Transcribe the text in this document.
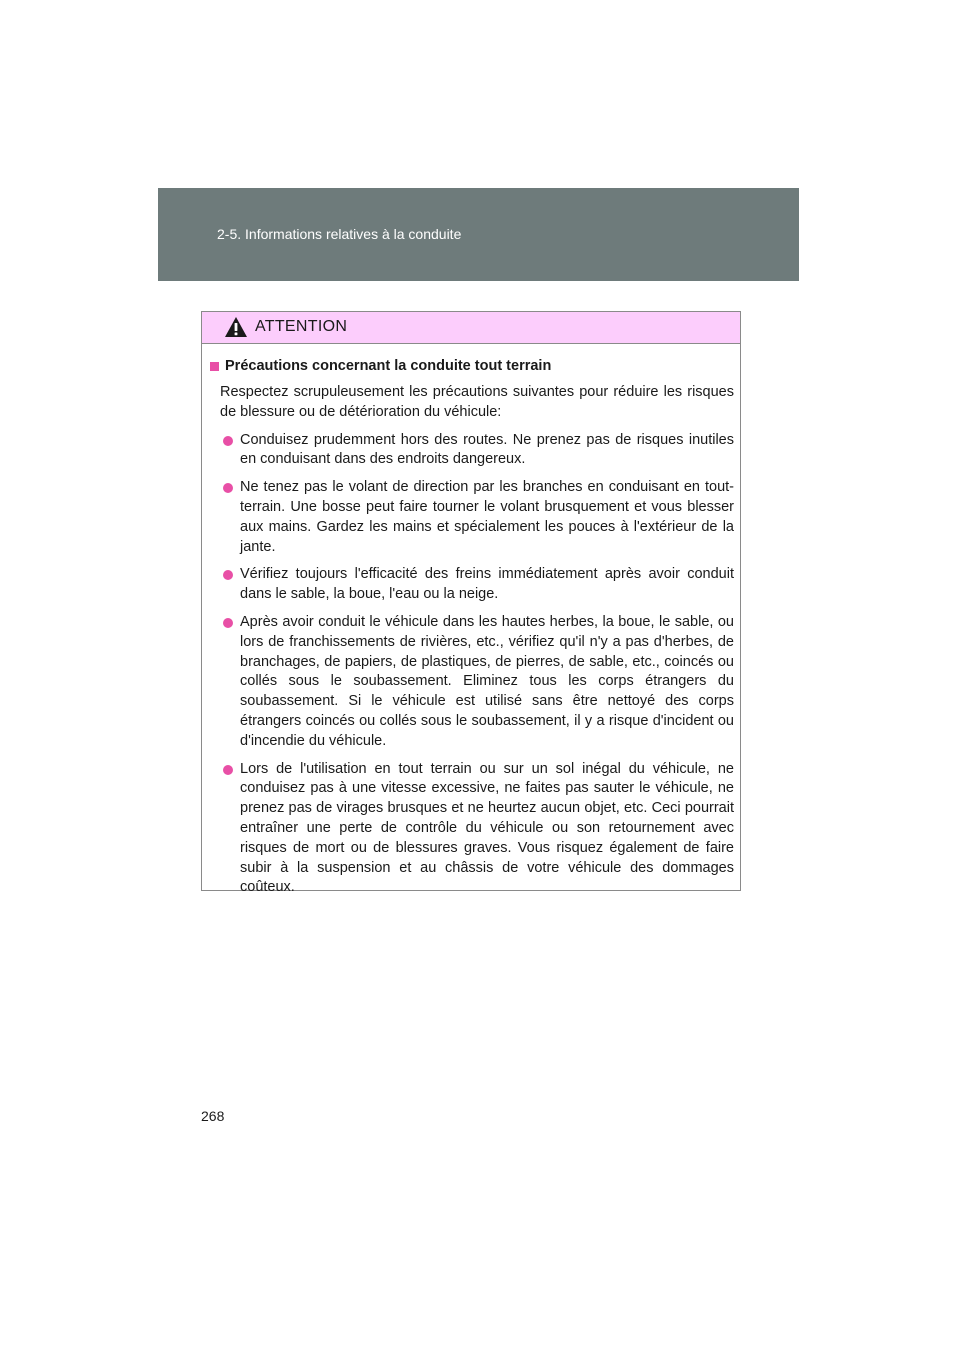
2-5. Informations relatives à la conduite
ATTENTION
Précautions concernant la conduite tout terrain

Respectez scrupuleusement les précautions suivantes pour réduire les risques de blessure ou de détérioration du véhicule:

Conduisez prudemment hors des routes. Ne prenez pas de risques inutiles en conduisant dans des endroits dangereux.
Ne tenez pas le volant de direction par les branches en conduisant en tout-terrain. Une bosse peut faire tourner le volant brusquement et vous blesser aux mains. Gardez les mains et spécialement les pouces à l'extérieur de la jante.
Vérifiez toujours l'efficacité des freins immédiatement après avoir conduit dans le sable, la boue, l'eau ou la neige.
Après avoir conduit le véhicule dans les hautes herbes, la boue, le sable, ou lors de franchissements de rivières, etc., vérifiez qu'il n'y a pas d'herbes, de branchages, de papiers, de plastiques, de pierres, de sable, etc., coincés ou collés sous le soubassement. Eliminez tous les corps étrangers du soubassement. Si le véhicule est utilisé sans être nettoyé des corps étrangers coincés ou collés sous le soubassement, il y a risque d'incident ou d'incendie du véhicule.
Lors de l'utilisation en tout terrain ou sur un sol inégal du véhicule, ne conduisez pas à une vitesse excessive, ne faites pas sauter le véhicule, ne prenez pas de virages brusques et ne heurtez aucun objet, etc. Ceci pourrait entraîner une perte de contrôle du véhicule ou son retournement avec risques de mort ou de blessures graves. Vous risquez également de faire subir à la suspension et au châssis de votre véhicule des dommages coûteux.
268
